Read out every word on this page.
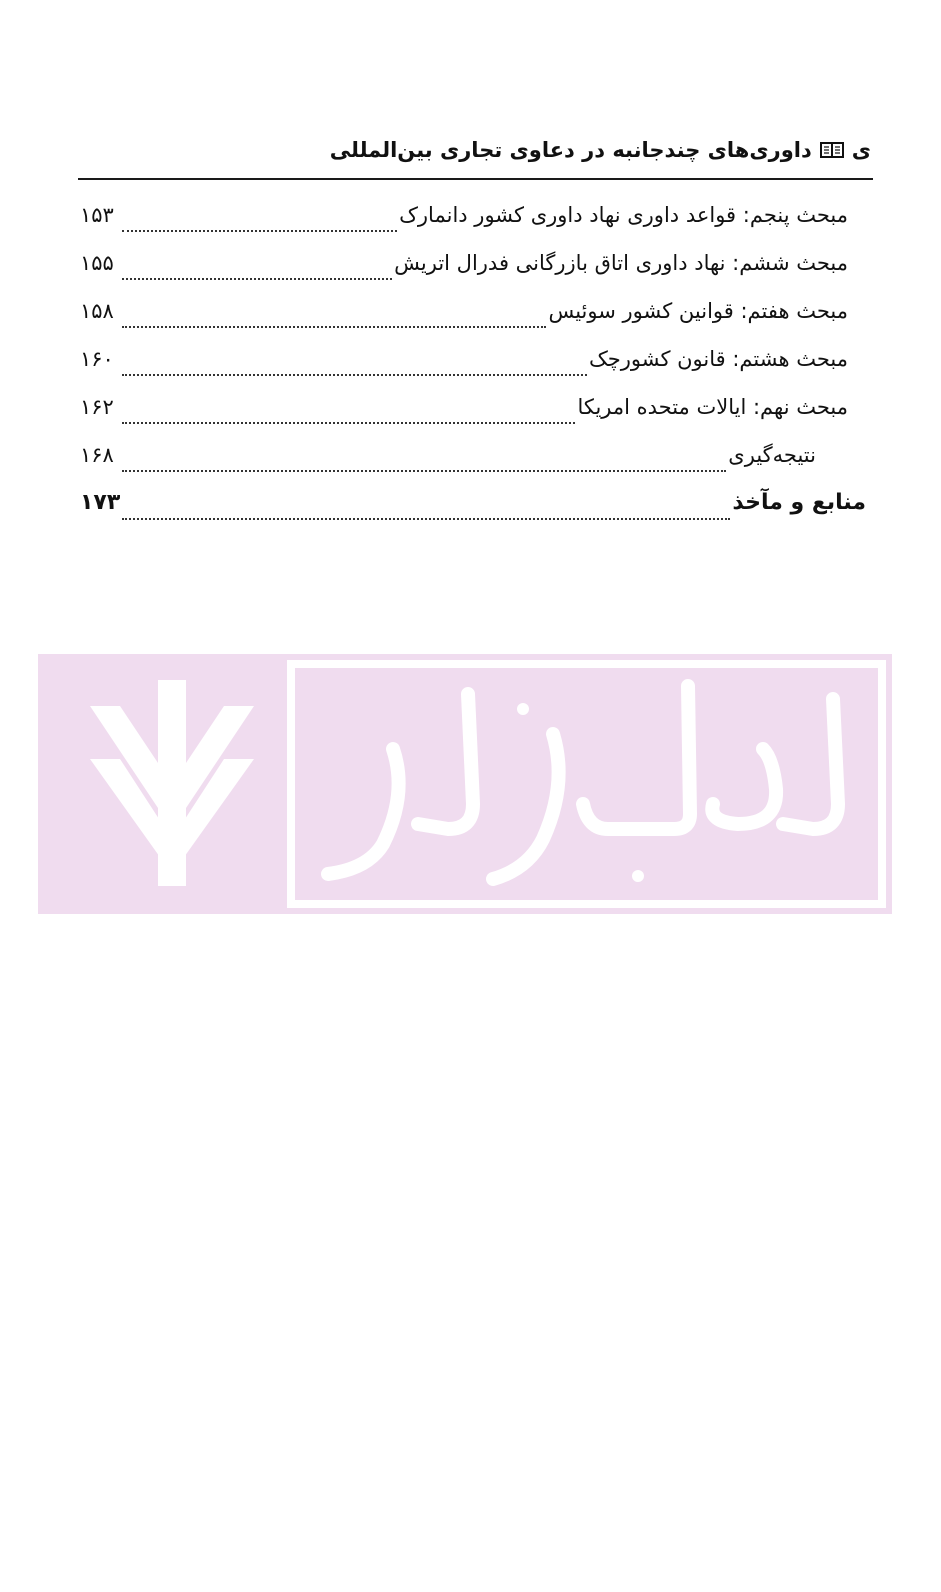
ی
داوری‌های چندجانبه در دعاوی تجاری بین‌المللی
مبحث پنجم: قواعد داوری نهاد داوری کشور دانمارک
۱۵۳
مبحث ششم: نهاد داوری اتاق بازرگانی فدرال اتریش
۱۵۵
مبحث هفتم: قوانین کشور سوئیس
۱۵۸
مبحث هشتم: قانون کشورچک
۱۶۰
مبحث نهم: ایالات متحده امریکا
۱۶۲
نتیجه‌گیری
۱۶۸
منابع و مآخذ
۱۷۳
